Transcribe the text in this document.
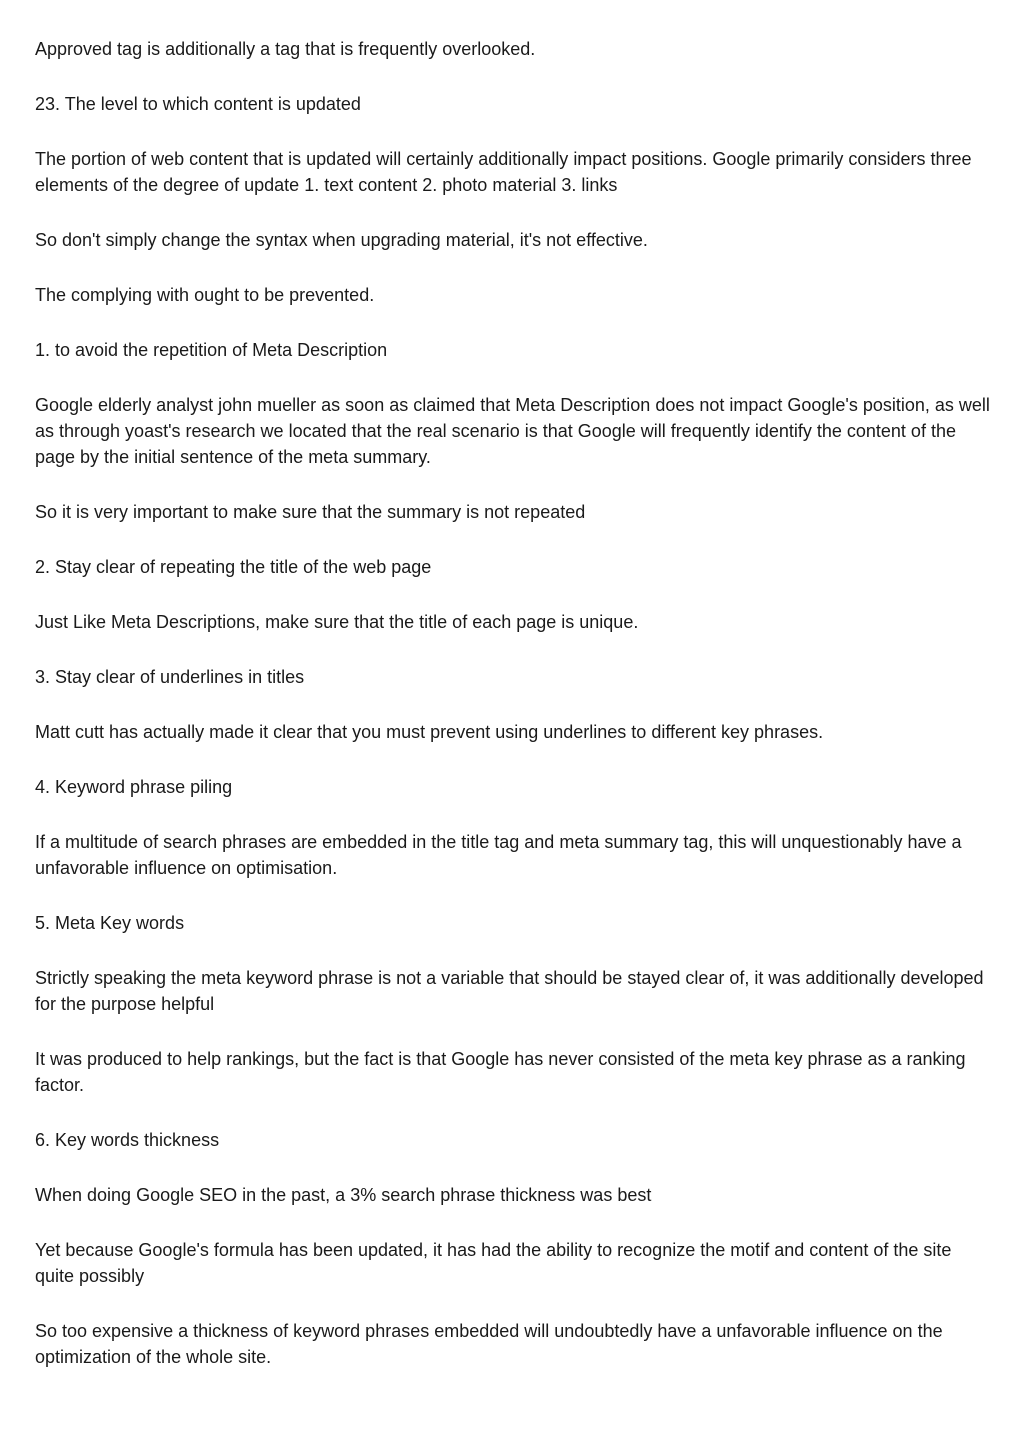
Approved tag is additionally a tag that is frequently overlooked.

23. The level to which content is updated

The portion of web content that is updated will certainly additionally impact positions. Google primarily considers three elements of the degree of update 1. text content 2. photo material 3. links

So don't simply change the syntax when upgrading material, it's not effective.

The complying with ought to be prevented.

1. to avoid the repetition of Meta Description

Google elderly analyst john mueller as soon as claimed that Meta Description does not impact Google's position, as well as through yoast's research we located that the real scenario is that Google will frequently identify the content of the page by the initial sentence of the meta summary.

So it is very important to make sure that the summary is not repeated

2. Stay clear of repeating the title of the web page

Just Like Meta Descriptions, make sure that the title of each page is unique.

3. Stay clear of underlines in titles

Matt cutt has actually made it clear that you must prevent using underlines to different key phrases.

4. Keyword phrase piling

If a multitude of search phrases are embedded in the title tag and meta summary tag, this will unquestionably have a unfavorable influence on optimisation.

5. Meta Key words

Strictly speaking the meta keyword phrase is not a variable that should be stayed clear of, it was additionally developed for the purpose helpful

It was produced to help rankings, but the fact is that Google has never consisted of the meta key phrase as a ranking factor.

6. Key words thickness

When doing Google SEO in the past, a 3% search phrase thickness was best

Yet because Google's formula has been updated, it has had the ability to recognize the motif and content of the site quite possibly

So too expensive a thickness of keyword phrases embedded will undoubtedly have a unfavorable influence on the optimization of the whole site.
